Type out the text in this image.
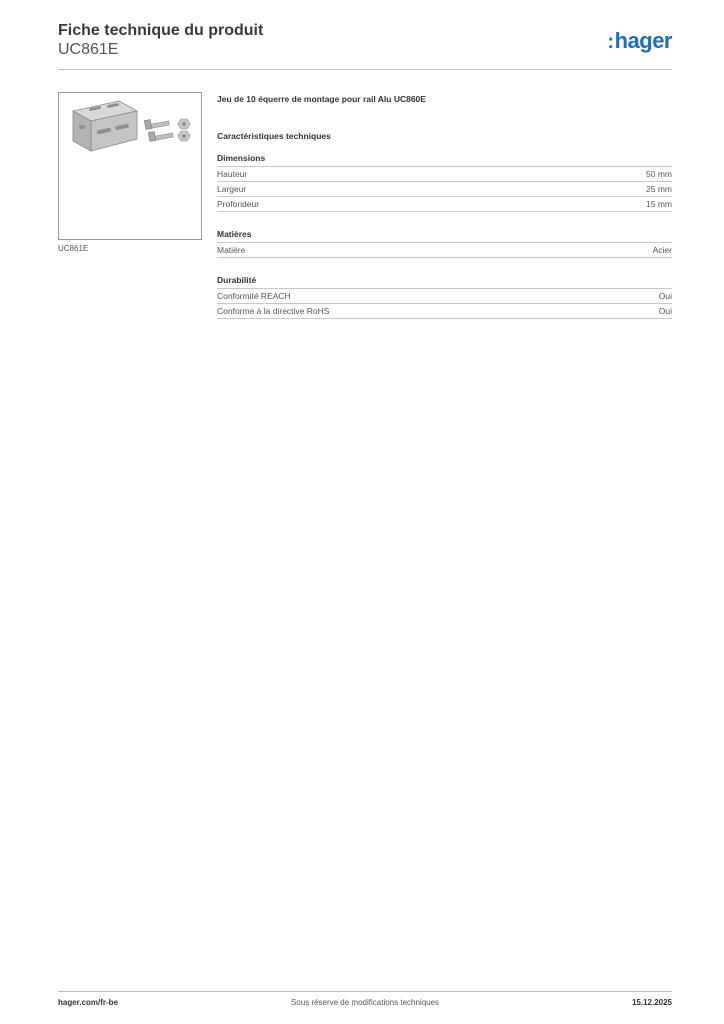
Fiche technique du produit
UC861E	:hager
UC861E
Jeu de 10 équerre de montage pour rail Alu UC860E
Caractéristiques techniques
Dimensions
Hauteur	50 mm
Largeur	25 mm
Profondeur	15 mm
Matières
Matière	Acier
Durabilité
Conformité REACH	Oui
Conforme à la directive RoHS	Oui
hager.com/fr-be	Sous réserve de modifications techniques	15.12.2025
